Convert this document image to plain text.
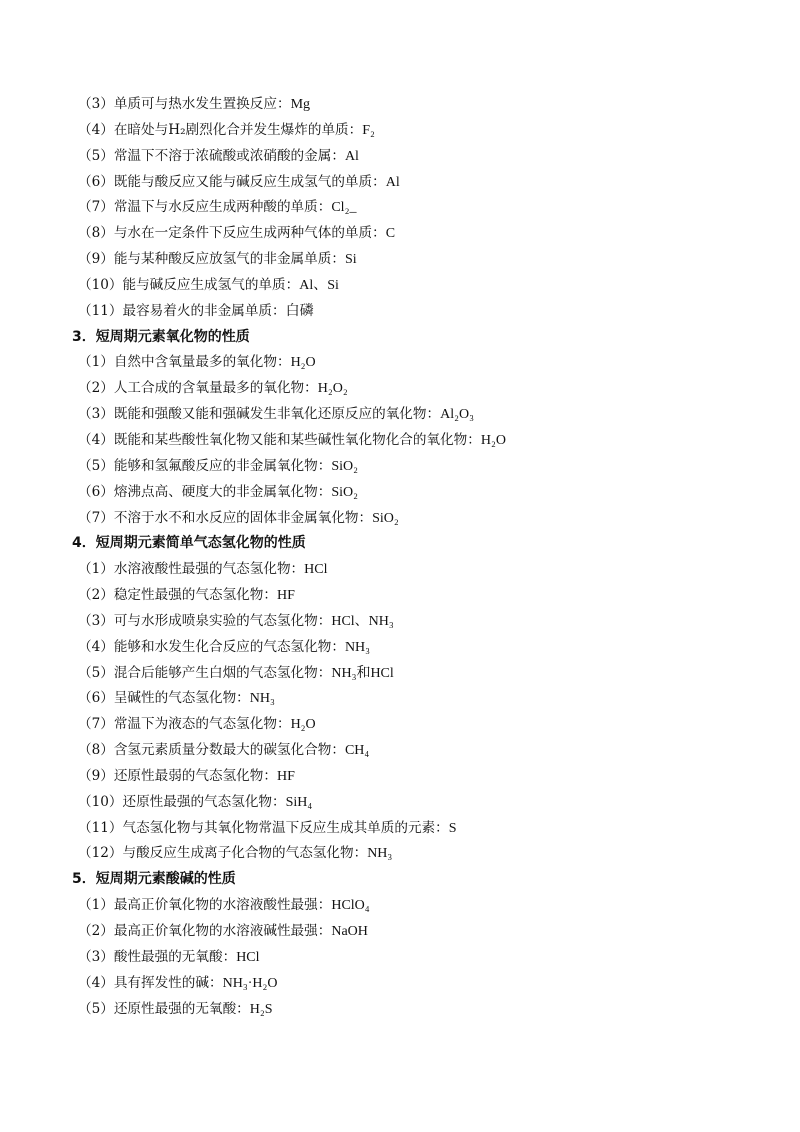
（3）单质可与热水发生置换反应：Mg
（4）在暗处与H₂剧烈化合并发生爆炸的单质：F₂
（5）常温下不溶于浓硫酸或浓硝酸的金属：Al
（6）既能与酸反应又能与碱反应生成氢气的单质：Al
（7）常温下与水反应生成两种酸的单质：Cl₂_
（8）与水在一定条件下反应生成两种气体的单质：C
（9）能与某种酸反应放氢气的非金属单质：Si
（10）能与碱反应生成氢气的单质：Al、Si
（11）最容易着火的非金属单质：白磷
3．短周期元素氧化物的性质
（1）自然中含氧量最多的氧化物：H₂O
（2）人工合成的含氧量最多的氧化物：H₂O₂
（3）既能和强酸又能和强碱发生非氧化还原反应的氧化物：Al₂O₃
（4）既能和某些酸性氧化物又能和某些碱性氧化物化合的氧化物：H₂O
（5）能够和氢氟酸反应的非金属氧化物：SiO₂
（6）熔沸点高、硬度大的非金属氧化物：SiO₂
（7）不溶于水不和水反应的固体非金属氧化物：SiO₂
4．短周期元素简单气态氢化物的性质
（1）水溶液酸性最强的气态氢化物：HCl
（2）稳定性最强的气态氢化物：HF
（3）可与水形成喷泉实验的气态氢化物：HCl、NH₃
（4）能够和水发生化合反应的气态氢化物：NH₃
（5）混合后能够产生白烟的气态氢化物：NH₃和HCl
（6）呈碱性的气态氢化物：NH₃
（7）常温下为液态的气态氢化物：H₂O
（8）含氢元素质量分数最大的碳氢化合物：CH₄
（9）还原性最弱的气态氢化物：HF
（10）还原性最强的气态氢化物：SiH₄
（11）气态氢化物与其氧化物常温下反应生成其单质的元素：S
（12）与酸反应生成离子化合物的气态氢化物：NH₃
5．短周期元素酸碱的性质
（1）最高正价氧化物的水溶液酸性最强：HClO₄
（2）最高正价氧化物的水溶液碱性最强：NaOH
（3）酸性最强的无氧酸：HCl
（4）具有挥发性的碱：NH₃·H₂O
（5）还原性最强的无氧酸：H₂S
